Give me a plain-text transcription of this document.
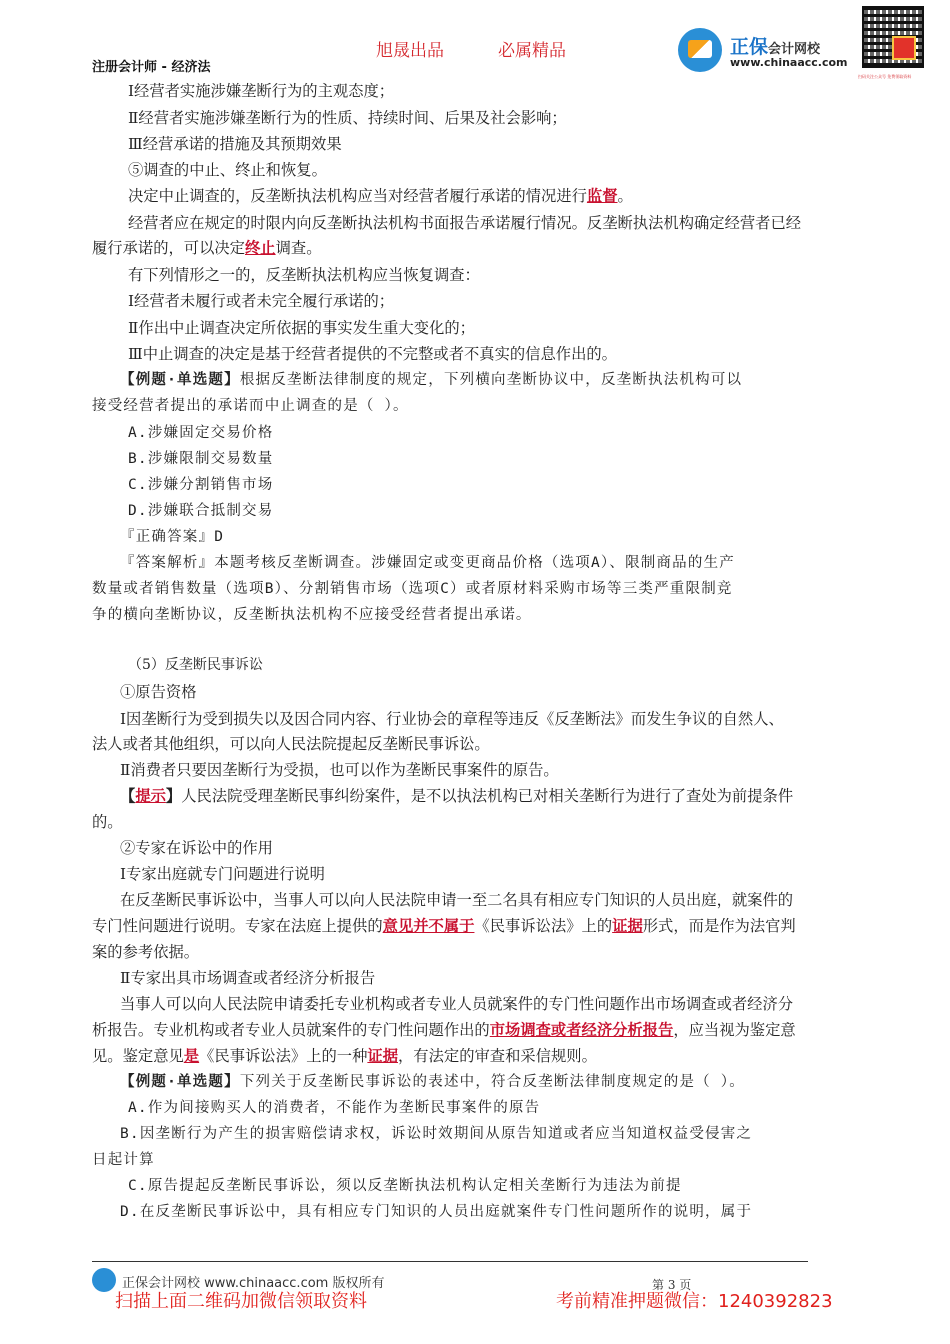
旭晟出品	必属精品
注册会计师 - 经济法
正保会计网校
www.chinaacc.com
扫码关注公众号 免费领取资料
Ⅰ经营者实施涉嫌垄断行为的主观态度；
Ⅱ经营者实施涉嫌垄断行为的性质、持续时间、后果及社会影响；
Ⅲ经营承诺的措施及其预期效果
⑤调查的中止、终止和恢复。
决定中止调查的，反垄断执法机构应当对经营者履行承诺的情况进行监督。
经营者应在规定的时限内向反垄断执法机构书面报告承诺履行情况。反垄断执法机构确定经营者已经
履行承诺的，可以决定终止调查。
有下列情形之一的，反垄断执法机构应当恢复调查：
Ⅰ经营者未履行或者未完全履行承诺的；
Ⅱ作出中止调查决定所依据的事实发生重大变化的；
Ⅲ中止调查的决定是基于经营者提供的不完整或者不真实的信息作出的。
【例题·单选题】根据反垄断法律制度的规定，下列横向垄断协议中，反垄断执法机构可以
接受经营者提出的承诺而中止调查的是（ ）。
A.涉嫌固定交易价格
B.涉嫌限制交易数量
C.涉嫌分割销售市场
D.涉嫌联合抵制交易
『正确答案』D
『答案解析』本题考核反垄断调查。涉嫌固定或变更商品价格（选项A）、限制商品的生产
数量或者销售数量（选项B）、分割销售市场（选项C）或者原材料采购市场等三类严重限制竞
争的横向垄断协议，反垄断执法机构不应接受经营者提出承诺。
（5）反垄断民事诉讼
①原告资格
Ⅰ因垄断行为受到损失以及因合同内容、行业协会的章程等违反《反垄断法》而发生争议的自然人、
法人或者其他组织，可以向人民法院提起反垄断民事诉讼。
Ⅱ消费者只要因垄断行为受损，也可以作为垄断民事案件的原告。
【提示】人民法院受理垄断民事纠纷案件，是不以执法机构已对相关垄断行为进行了查处为前提条件
的。
②专家在诉讼中的作用
Ⅰ专家出庭就专门问题进行说明
在反垄断民事诉讼中，当事人可以向人民法院申请一至二名具有相应专门知识的人员出庭，就案件的
专门性问题进行说明。专家在法庭上提供的意见并不属于《民事诉讼法》上的证据形式，而是作为法官判
案的参考依据。
Ⅱ专家出具市场调查或者经济分析报告
当事人可以向人民法院申请委托专业机构或者专业人员就案件的专门性问题作出市场调查或者经济分
析报告。专业机构或者专业人员就案件的专门性问题作出的市场调查或者经济分析报告，应当视为鉴定意
见。鉴定意见是《民事诉讼法》上的一种证据，有法定的审查和采信规则。
【例题·单选题】下列关于反垄断民事诉讼的表述中，符合反垄断法律制度规定的是（ ）。
A.作为间接购买人的消费者，不能作为垄断民事案件的原告
B.因垄断行为产生的损害赔偿请求权，诉讼时效期间从原告知道或者应当知道权益受侵害之
日起计算
C.原告提起反垄断民事诉讼，须以反垄断执法机构认定相关垄断行为违法为前提
D.在反垄断民事诉讼中，具有相应专门知识的人员出庭就案件专门性问题所作的说明，属于
正保会计网校 www.chinaacc.com 版权所有	第 3 页
扫描上面二维码加微信领取资料	考前精准押题微信：1240392823
